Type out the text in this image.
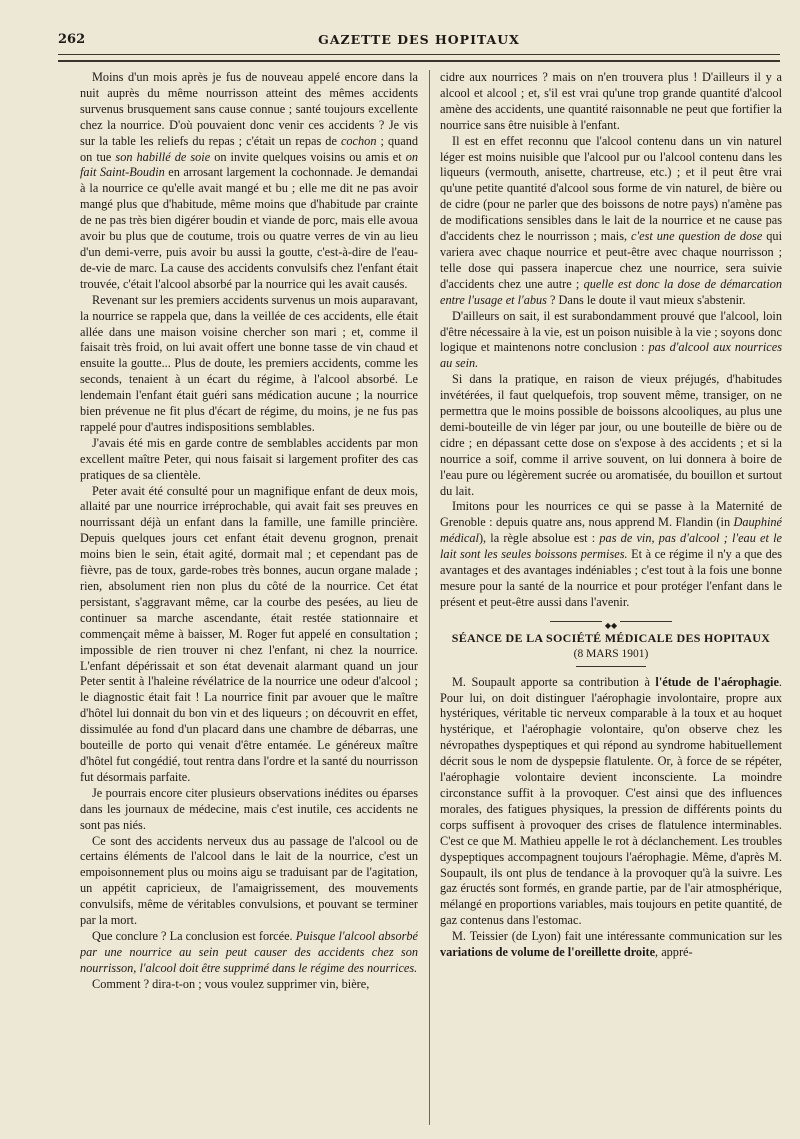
262	GAZETTE DES HOPITAUX

Moins d'un mois après je fus de nouveau appelé encore dans la nuit auprès du même nourrisson atteint des mêmes accidents survenus brusquement sans cause connue ; santé toujours excellente chez la nourrice. D'où pouvaient donc venir ces accidents ? Je vis sur la table les reliefs du repas ; c'était un repas de cochon ; quand on tue son habillé de soie on invite quelques voisins ou amis et on fait Saint-Boudin en arrosant largement la cochonnade. Je demandai à la nourrice ce qu'elle avait mangé et bu ; elle me dit ne pas avoir mangé plus que d'habitude, même moins que d'habitude par crainte de ne pas très bien digérer boudin et viande de porc, mais elle avoua avoir bu plus que de coutume, trois ou quatre verres de vin au lieu d'un demi-verre, puis avoir bu aussi la goutte, c'est-à-dire de l'eau-de-vie de marc. La cause des accidents convulsifs chez l'enfant était trouvée, c'était l'alcool absorbé par la nourrice qui les avait causés.

Revenant sur les premiers accidents survenus un mois auparavant, la nourrice se rappela que, dans la veillée de ces accidents, elle était allée dans une maison voisine chercher son mari ; et, comme il faisait très froid, on lui avait offert une bonne tasse de vin chaud et ensuite la goutte... Plus de doute, les premiers accidents, comme les seconds, tenaient à un écart du régime, à l'alcool absorbé. Le lendemain l'enfant était guéri sans médication aucune ; la nourrice bien prévenue ne fit plus d'écart de régime, du moins, je ne fus pas rappelé pour d'autres indispositions semblables.

J'avais été mis en garde contre de semblables accidents par mon excellent maître Peter, qui nous faisait si largement profiter des cas pratiques de sa clientèle.

Peter avait été consulté pour un magnifique enfant de deux mois, allaité par une nourrice irréprochable, qui avait fait ses preuves en nourrissant déjà un enfant dans la famille, une famille princière. Depuis quelques jours cet enfant était devenu grognon, prenait moins bien le sein, était agité, dormait mal ; et cependant pas de fièvre, pas de toux, garde-robes très bonnes, aucun organe malade ; rien, absolument rien non plus du côté de la nourrice. Cet état persistant, s'aggravant même, car la courbe des pesées, au lieu de continuer sa marche ascendante, était restée stationnaire et commençait même à baisser, M. Roger fut appelé en consultation ; impossible de rien trouver ni chez l'enfant, ni chez la nourrice. L'enfant dépérissait et son état devenait alarmant quand un jour Peter sentit à l'haleine révélatrice de la nourrice une odeur d'alcool ; le diagnostic était fait ! La nourrice finit par avouer que le maître d'hôtel lui donnait du bon vin et des liqueurs ; on découvrit en effet, dissimulée au fond d'un placard dans une chambre de débarras, une bouteille de porto qui venait d'être entamée. Le généreux maître d'hôtel fut congédié, tout rentra dans l'ordre et la santé du nourrisson fut désormais parfaite.

Je pourrais encore citer plusieurs observations inédites ou éparses dans les journaux de médecine, mais c'est inutile, ces accidents ne sont pas niés.

Ce sont des accidents nerveux dus au passage de l'alcool ou de certains éléments de l'alcool dans le lait de la nourrice, c'est un empoisonnement plus ou moins aigu se traduisant par de l'agitation, un appétit capricieux, de l'amaigrissement, des mouvements convulsifs, même de véritables convulsions, et pouvant se terminer par la mort.

Que conclure ? La conclusion est forcée. Puisque l'alcool absorbé par une nourrice au sein peut causer des accidents chez son nourrisson, l'alcool doit être supprimé dans le régime des nourrices.

Comment ? dira-t-on ; vous voulez supprimer vin, bière,

cidre aux nourrices ? mais on n'en trouvera plus ! D'ailleurs il y a alcool et alcool ; et, s'il est vrai qu'une trop grande quantité d'alcool amène des accidents, une quantité raisonnable ne peut que fortifier la nourrice sans être nuisible à l'enfant.

Il est en effet reconnu que l'alcool contenu dans un vin naturel léger est moins nuisible que l'alcool pur ou l'alcool contenu dans les liqueurs (vermouth, anisette, chartreuse, etc.) ; et il peut être vrai qu'une petite quantité d'alcool sous forme de vin naturel, de bière ou de cidre (pour ne parler que des boissons de notre pays) n'amène pas de modifications sensibles dans le lait de la nourrice et ne cause pas d'accidents chez le nourrisson ; mais, c'est une question de dose qui variera avec chaque nourrice et peut-être avec chaque nourrisson ; telle dose qui passera inapercue chez une nourrice, sera suivie d'accidents chez une autre ; quelle est donc la dose de démarcation entre l'usage et l'abus ? Dans le doute il vaut mieux s'abstenir.

D'ailleurs on sait, il est surabondamment prouvé que l'alcool, loin d'être nécessaire à la vie, est un poison nuisible à la vie ; soyons donc logique et maintenons notre conclusion : pas d'alcool aux nourrices au sein.

Si dans la pratique, en raison de vieux préjugés, d'habitudes invétérées, il faut quelquefois, trop souvent même, transiger, on ne permettra que le moins possible de boissons alcooliques, au plus une demi-bouteille de vin léger par jour, ou une bouteille de bière ou de cidre ; en dépassant cette dose on s'expose à des accidents ; et si la nourrice a soif, comme il arrive souvent, on lui donnera à boire de l'eau pure ou légèrement sucrée ou aromatisée, du bouillon et surtout du lait.

Imitons pour les nourrices ce qui se passe à la Maternité de Grenoble : depuis quatre ans, nous apprend M. Flandin (in Dauphiné médical), la règle absolue est : pas de vin, pas d'alcool ; l'eau et le lait sont les seules boissons permises. Et à ce régime il n'y a que des avantages et des avantages indéniables ; c'est tout à la fois une bonne mesure pour la santé de la nourrice et pour protéger l'enfant dans le présent et peut-être aussi dans l'avenir.

◆◆
SÉANCE DE LA SOCIÉTÉ MÉDICALE DES HOPITAUX
(8 MARS 1901)

M. Soupault apporte sa contribution à l'étude de l'aérophagie. Pour lui, on doit distinguer l'aérophagie involontaire, propre aux hystériques, véritable tic nerveux comparable à la toux et au hoquet hystérique, et l'aérophagie volontaire, qu'on observe chez les névropathes dyspeptiques et qui répond au syndrome habituellement décrit sous le nom de dyspepsie flatulente. Or, à force de se répéter, l'aérophagie volontaire devient inconsciente. La moindre circonstance suffit à la provoquer. C'est ainsi que des influences morales, des fatigues physiques, la pression de différents points du corps suffisent à provoquer des crises de flatulence interminables. C'est ce que M. Mathieu appelle le rot à déclanchement. Les troubles dyspeptiques accompagnent toujours l'aérophagie. Même, d'après M. Soupault, ils ont plus de tendance à la provoquer qu'à la suivre. Les gaz éructés sont formés, en grande partie, par de l'air atmosphérique, mélangé en proportions variables, mais toujours en petite quantité, de gaz contenus dans l'estomac.

M. Teissier (de Lyon) fait une intéressante communication sur les variations de volume de l'oreillette droite, appré-
